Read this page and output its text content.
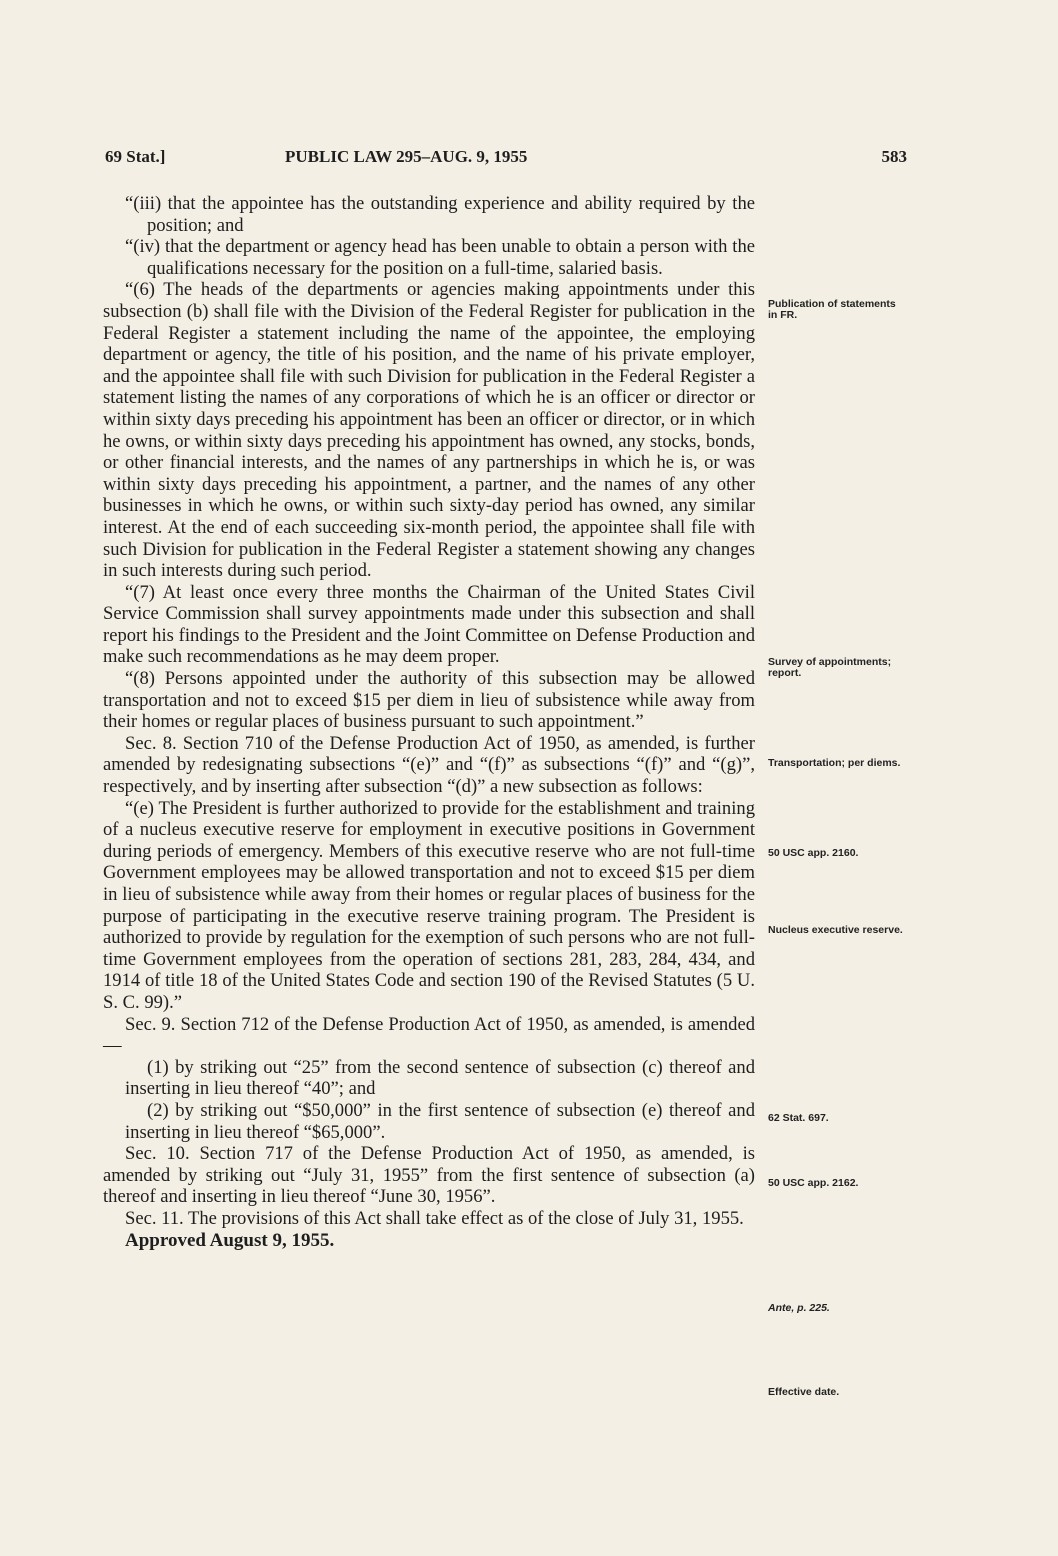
69 Stat.]	PUBLIC LAW 295–AUG. 9, 1955	583

“(iii) that the appointee has the outstanding experience and ability required by the position; and

“(iv) that the department or agency head has been unable to obtain a person with the qualifications necessary for the position on a full-time, salaried basis.

“(6) The heads of the departments or agencies making appointments under this subsection (b) shall file with the Division of the Federal Register for publication in the Federal Register a statement including the name of the appointee, the employing department or agency, the title of his position, and the name of his private employer, and the appointee shall file with such Division for publication in the Federal Register a statement listing the names of any corporations of which he is an officer or director or within sixty days preceding his appointment has been an officer or director, or in which he owns, or within sixty days preceding his appointment has owned, any stocks, bonds, or other financial interests, and the names of any partnerships in which he is, or was within sixty days preceding his appointment, a partner, and the names of any other businesses in which he owns, or within such sixty-day period has owned, any similar interest. At the end of each succeeding six-month period, the appointee shall file with such Division for publication in the Federal Register a statement showing any changes in such interests during such period.

“(7) At least once every three months the Chairman of the United States Civil Service Commission shall survey appointments made under this subsection and shall report his findings to the President and the Joint Committee on Defense Production and make such recommendations as he may deem proper.

“(8) Persons appointed under the authority of this subsection may be allowed transportation and not to exceed $15 per diem in lieu of subsistence while away from their homes or regular places of business pursuant to such appointment.”

Sec. 8. Section 710 of the Defense Production Act of 1950, as amended, is further amended by redesignating subsections “(e)” and “(f)” as subsections “(f)” and “(g)”, respectively, and by inserting after subsection “(d)” a new subsection as follows:

“(e) The President is further authorized to provide for the establishment and training of a nucleus executive reserve for employment in executive positions in Government during periods of emergency. Members of this executive reserve who are not full-time Government employees may be allowed transportation and not to exceed $15 per diem in lieu of subsistence while away from their homes or regular places of business for the purpose of participating in the executive reserve training program. The President is authorized to provide by regulation for the exemption of such persons who are not full-time Government employees from the operation of sections 281, 283, 284, 434, and 1914 of title 18 of the United States Code and section 190 of the Revised Statutes (5 U. S. C. 99).”

Sec. 9. Section 712 of the Defense Production Act of 1950, as amended, is amended—

(1) by striking out “25” from the second sentence of subsection (c) thereof and inserting in lieu thereof “40”; and

(2) by striking out “$50,000” in the first sentence of subsection (e) thereof and inserting in lieu thereof “$65,000”.

Sec. 10. Section 717 of the Defense Production Act of 1950, as amended, is amended by striking out “July 31, 1955” from the first sentence of subsection (a) thereof and inserting in lieu thereof “June 30, 1956”.

Sec. 11. The provisions of this Act shall take effect as of the close of July 31, 1955.

Approved August 9, 1955.

Publication of statements in FR.
Survey of appointments; report.
Transportation; per diems.
50 USC app. 2160.
Nucleus executive reserve.
62 Stat. 697.
50 USC app. 2162.
Ante, p. 225.
Effective date.
